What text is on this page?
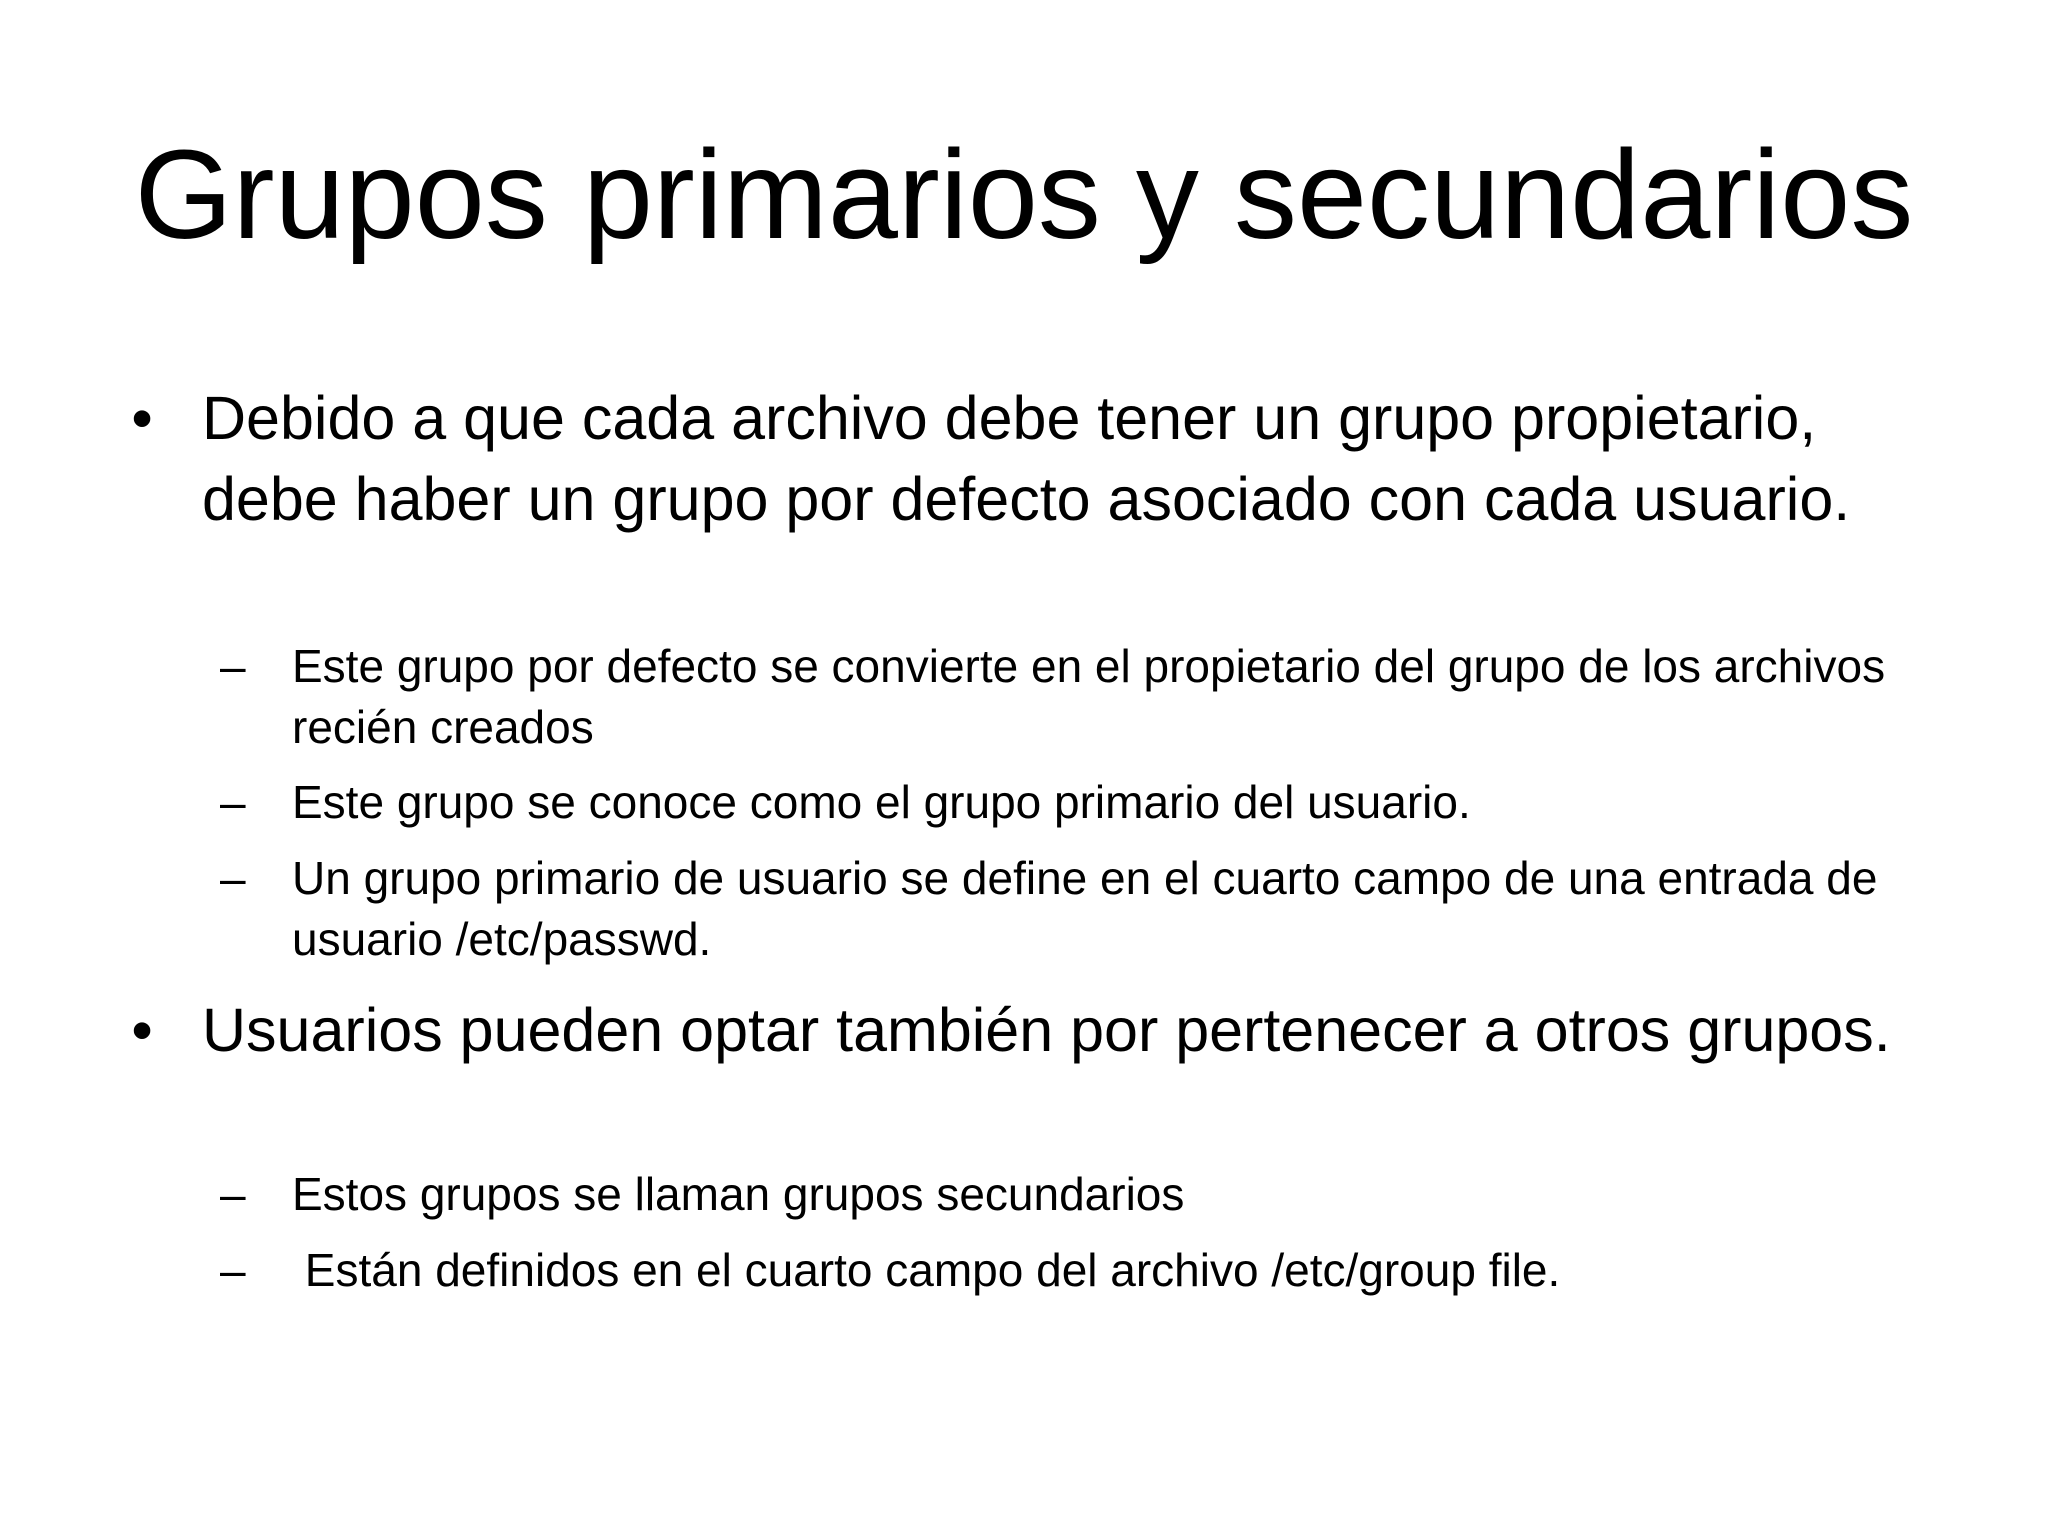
Grupos primarios y secundarios
• Debido a que cada archivo debe tener un grupo propietario, debe haber un grupo por defecto asociado con cada usuario.
– Este grupo por defecto se convierte en el propietario del grupo de los archivos recién creados
– Este grupo se conoce como el grupo primario del usuario.
– Un grupo primario de usuario se define en el cuarto campo de una entrada de usuario /etc/passwd.
• Usuarios pueden optar también por pertenecer a otros grupos.
– Estos grupos se llaman grupos secundarios
– Están definidos en el cuarto campo del archivo /etc/group file.
